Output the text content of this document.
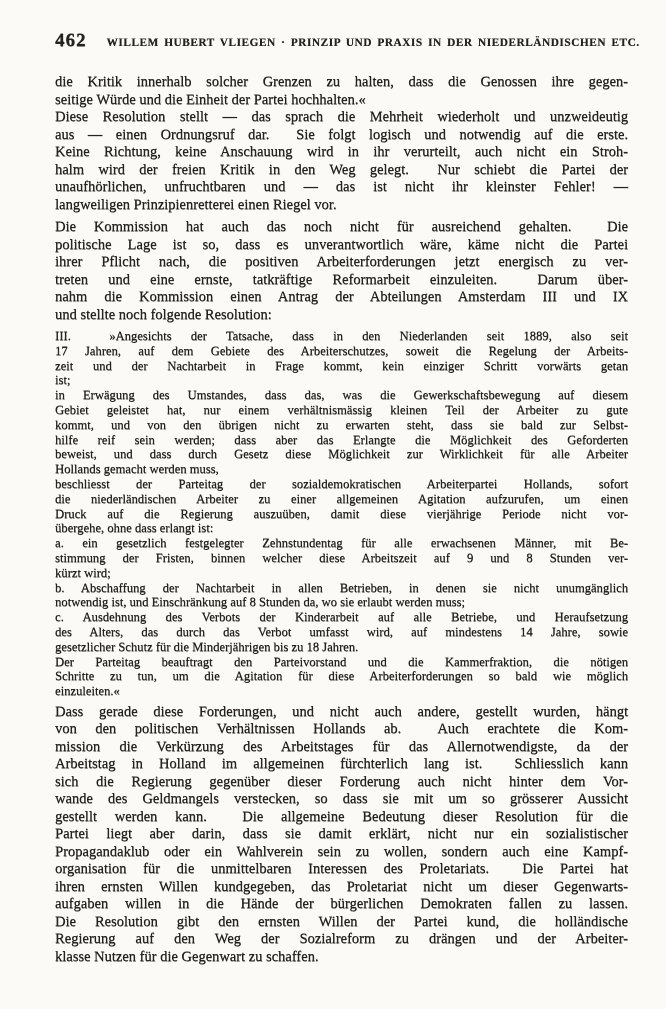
462 WILLEM HUBERT VLIEGEN · PRINZIP UND PRAXIS IN DER NIEDERLÄNDISCHEN ETC.
die Kritik innerhalb solcher Grenzen zu halten, dass die Genossen ihre gegen-
seitige Würde und die Einheit der Partei hochhalten.«
Diese Resolution stellt — das sprach die Mehrheit wiederholt und unzweideutig
aus — einen Ordnungsruf dar.  Sie folgt logisch und notwendig auf die erste.
Keine Richtung, keine Anschauung wird in ihr verurteilt, auch nicht ein Stroh-
halm wird der freien Kritik in den Weg gelegt.  Nur schiebt die Partei der
unaufhörlichen, unfruchtbaren und — das ist nicht ihr kleinster Fehler! —
langweiligen Prinzipienretterei einen Riegel vor.
Die Kommission hat auch das noch nicht für ausreichend gehalten.  Die
politische Lage ist so, dass es unverantwortlich wäre, käme nicht die Partei
ihrer Pflicht nach, die positiven Arbeiterforderungen jetzt energisch zu ver-
treten und eine ernste, tatkräftige Reformarbeit einzuleiten.  Darum über-
nahm die Kommission einen Antrag der Abteilungen Amsterdam III und IX
und stellte noch folgende Resolution:
III.  »Angesichts der Tatsache, dass in den Niederlanden seit 1889, also seit
17 Jahren, auf dem Gebiete des Arbeiterschutzes, soweit die Regelung der Arbeits-
zeit und der Nachtarbeit in Frage kommt, kein einziger Schritt vorwärts getan
ist;
in Erwägung des Umstandes, dass das, was die Gewerkschaftsbewegung auf diesem
Gebiet geleistet hat, nur einem verhältnismässig kleinen Teil der Arbeiter zu gute
kommt, und von den übrigen nicht zu erwarten steht, dass sie bald zur Selbst-
hilfe reif sein werden; dass aber das Erlangte die Möglichkeit des Geforderten
beweist, und dass durch Gesetz diese Möglichkeit zur Wirklichkeit für alle Arbeiter
Hollands gemacht werden muss,
beschliesst der Parteitag der sozialdemokratischen Arbeiterpartei Hollands, sofort
die niederländischen Arbeiter zu einer allgemeinen Agitation aufzurufen, um einen
Druck auf die Regierung auszuüben, damit diese vierjährige Periode nicht vor-
übergehe, ohne dass erlangt ist:
a. ein gesetzlich festgelegter Zehnstundentag für alle erwachsenen Männer, mit Be-
stimmung der Fristen, binnen welcher diese Arbeitszeit auf 9 und 8 Stunden ver-
kürzt wird;
b. Abschaffung der Nachtarbeit in allen Betrieben, in denen sie nicht unumgänglich
notwendig ist, und Einschränkung auf 8 Stunden da, wo sie erlaubt werden muss;
c. Ausdehnung des Verbots der Kinderarbeit auf alle Betriebe, und Heraufsetzung
des Alters, das durch das Verbot umfasst wird, auf mindestens 14 Jahre, sowie
gesetzlicher Schutz für die Minderjährigen bis zu 18 Jahren.
Der Parteitag beauftragt den Parteivorstand und die Kammerfraktion, die nötigen
Schritte zu tun, um die Agitation für diese Arbeiterforderungen so bald wie möglich
einzuleiten.«
Dass gerade diese Forderungen, und nicht auch andere, gestellt wurden, hängt
von den politischen Verhältnissen Hollands ab.  Auch erachtete die Kom-
mission die Verkürzung des Arbeitstages für das Allernotwendigste, da der
Arbeitstag in Holland im allgemeinen fürchterlich lang ist.  Schliesslich kann
sich die Regierung gegenüber dieser Forderung auch nicht hinter dem Vor-
wande des Geldmangels verstecken, so dass sie mit um so grösserer Aussicht
gestellt werden kann.  Die allgemeine Bedeutung dieser Resolution für die
Partei liegt aber darin, dass sie damit erklärt, nicht nur ein sozialistischer
Propagandaklub oder ein Wahlverein sein zu wollen, sondern auch eine Kampf-
organisation für die unmittelbaren Interessen des Proletariats.  Die Partei hat
ihren ernsten Willen kundgegeben, das Proletariat nicht um dieser Gegenwarts-
aufgaben willen in die Hände der bürgerlichen Demokraten fallen zu lassen.
Die Resolution gibt den ernsten Willen der Partei kund, die holländische
Regierung auf den Weg der Sozialreform zu drängen und der Arbeiter-
klasse Nutzen für die Gegenwart zu schaffen.
